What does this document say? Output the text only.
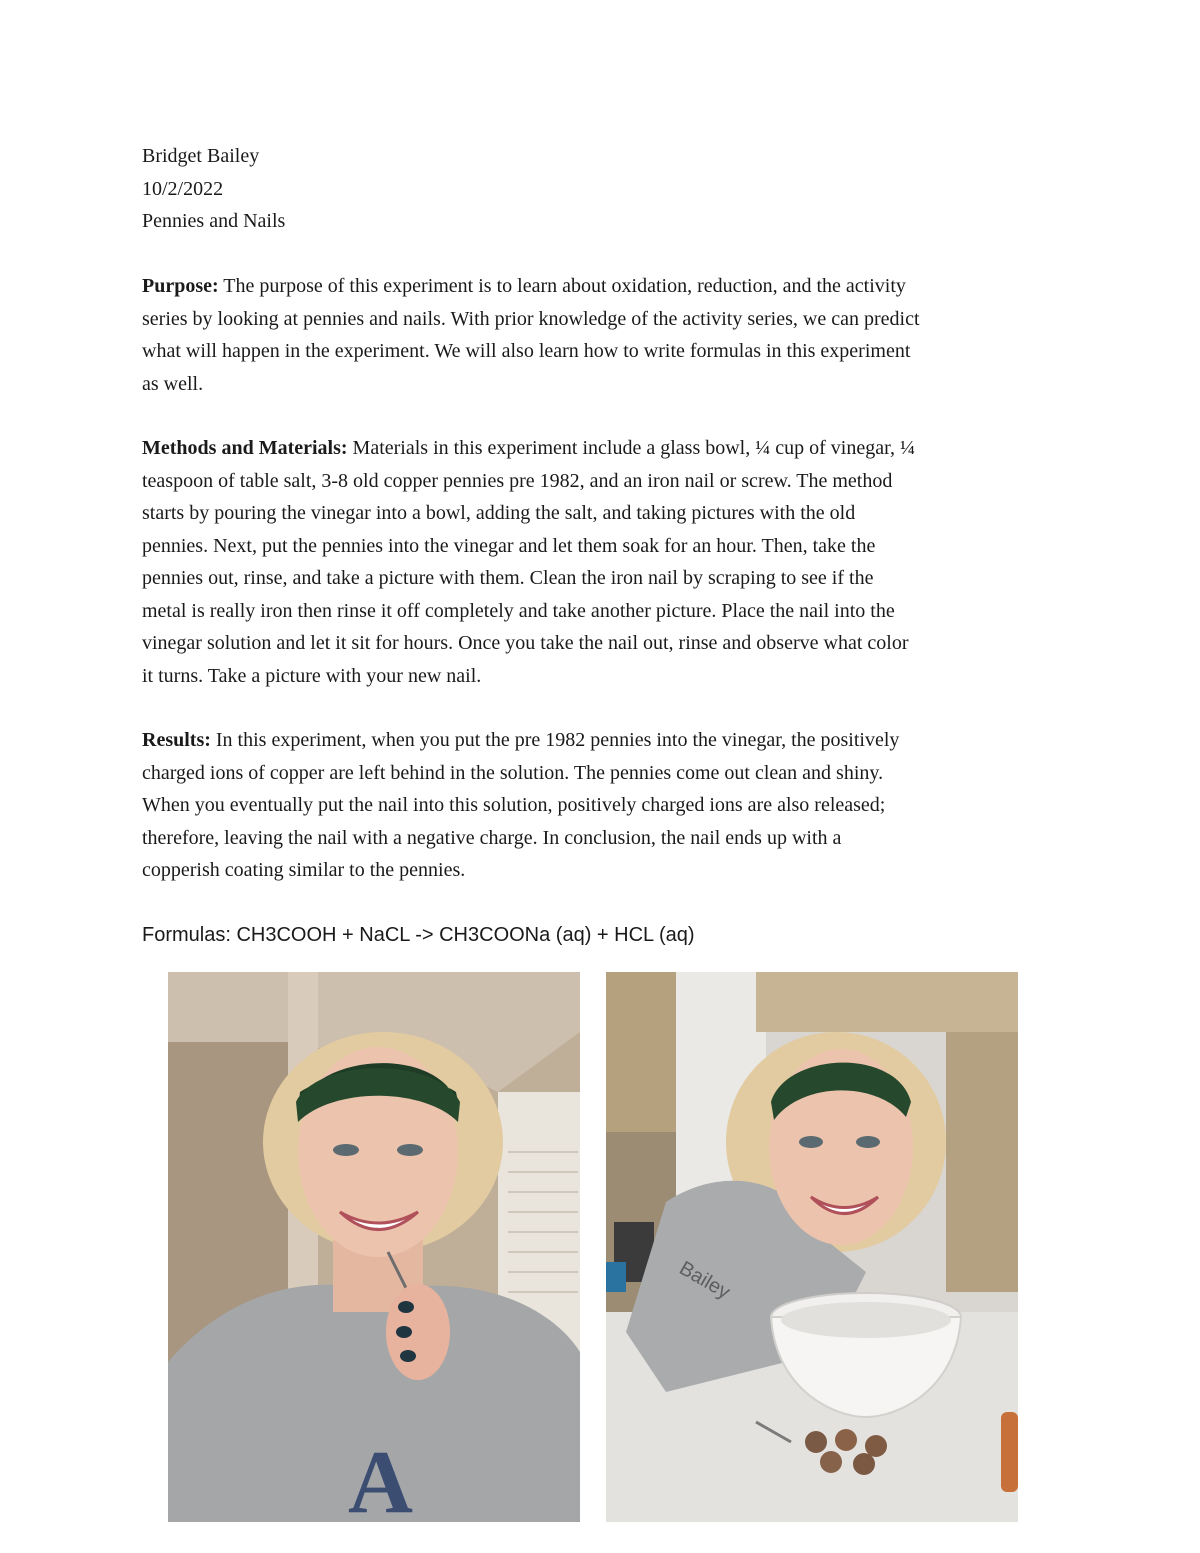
Bridget Bailey
10/2/2022
Pennies and Nails
Purpose: The purpose of this experiment is to learn about oxidation, reduction, and the activity
series by looking at pennies and nails. With prior knowledge of the activity series, we can predict
what will happen in the experiment. We will also learn how to write formulas in this experiment
as well.
Methods and Materials: Materials in this experiment include a glass bowl, ¼ cup of vinegar, ¼
teaspoon of table salt, 3-8 old copper pennies pre 1982, and an iron nail or screw. The method
starts by pouring the vinegar into a bowl, adding the salt, and taking pictures with the old
pennies. Next, put the pennies into the vinegar and let them soak for an hour. Then, take the
pennies out, rinse, and take a picture with them. Clean the iron nail by scraping to see if the
metal is really iron then rinse it off completely and take another picture. Place the nail into the
vinegar solution and let it sit for hours. Once you take the nail out, rinse and observe what color
it turns. Take a picture with your new nail.
Results: In this experiment, when you put the pre 1982 pennies into the vinegar, the positively
charged ions of copper are left behind in the solution. The pennies come out clean and shiny.
When you eventually put the nail into this solution, positively charged ions are also released;
therefore, leaving the nail with a negative charge. In conclusion, the nail ends up with a
copperish coating similar to the pennies.
Formulas: CH3COOH + NaCL -> CH3COONa (aq) + HCL (aq)
A
Bailey
